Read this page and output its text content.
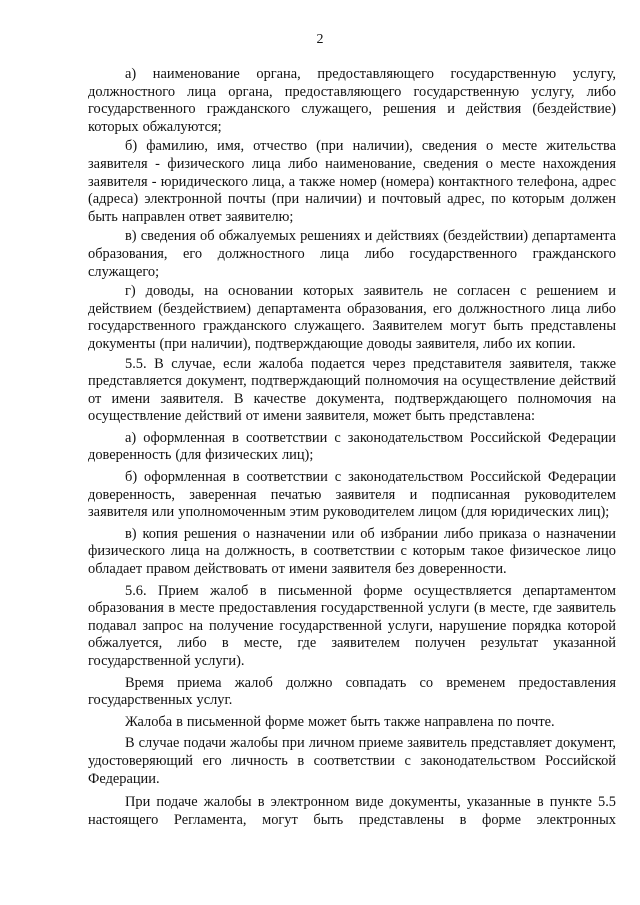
2

а) наименование органа, предоставляющего государственную услугу, должностного лица органа, предоставляющего государственную услугу, либо государственного гражданского служащего, решения и действия (бездействие) которых обжалуются;

б) фамилию, имя, отчество (при наличии), сведения о месте жительства заявителя - физического лица либо наименование, сведения о месте нахождения заявителя - юридического лица, а также номер (номера) контактного телефона, адрес (адреса) электронной почты (при наличии) и почтовый адрес, по которым должен быть направлен ответ заявителю;

в) сведения об обжалуемых решениях и действиях (бездействии) департамента образования, его должностного лица либо государственного гражданского служащего;

г) доводы, на основании которых заявитель не согласен с решением и действием (бездействием) департамента образования, его должностного лица либо государственного гражданского служащего. Заявителем могут быть представлены документы (при наличии), подтверждающие доводы заявителя, либо их копии.

5.5. В случае, если жалоба подается через представителя заявителя, также представляется документ, подтверждающий полномочия на осуществление действий от имени заявителя. В качестве документа, подтверждающего полномочия на осуществление действий от имени заявителя, может быть представлена:

а) оформленная в соответствии с законодательством Российской Федерации доверенность (для физических лиц);

б) оформленная в соответствии с законодательством Российской Федерации доверенность, заверенная печатью заявителя и подписанная руководителем заявителя или уполномоченным этим руководителем лицом (для юридических лиц);

в) копия решения о назначении или об избрании либо приказа о назначении физического лица на должность, в соответствии с которым такое физическое лицо обладает правом действовать от имени заявителя без доверенности.

5.6. Прием жалоб в письменной форме осуществляется департаментом образования в месте предоставления государственной услуги (в месте, где заявитель подавал запрос на получение государственной услуги, нарушение порядка которой обжалуется, либо в месте, где заявителем получен результат указанной государственной услуги).

Время приема жалоб должно совпадать со временем предоставления государственных услуг.

Жалоба в письменной форме может быть также направлена по почте.

В случае подачи жалобы при личном приеме заявитель представляет документ, удостоверяющий его личность в соответствии с законодательством Российской Федерации.

При подаче жалобы в электронном виде документы, указанные в пункте 5.5 настоящего Регламента, могут быть представлены в форме электронных
